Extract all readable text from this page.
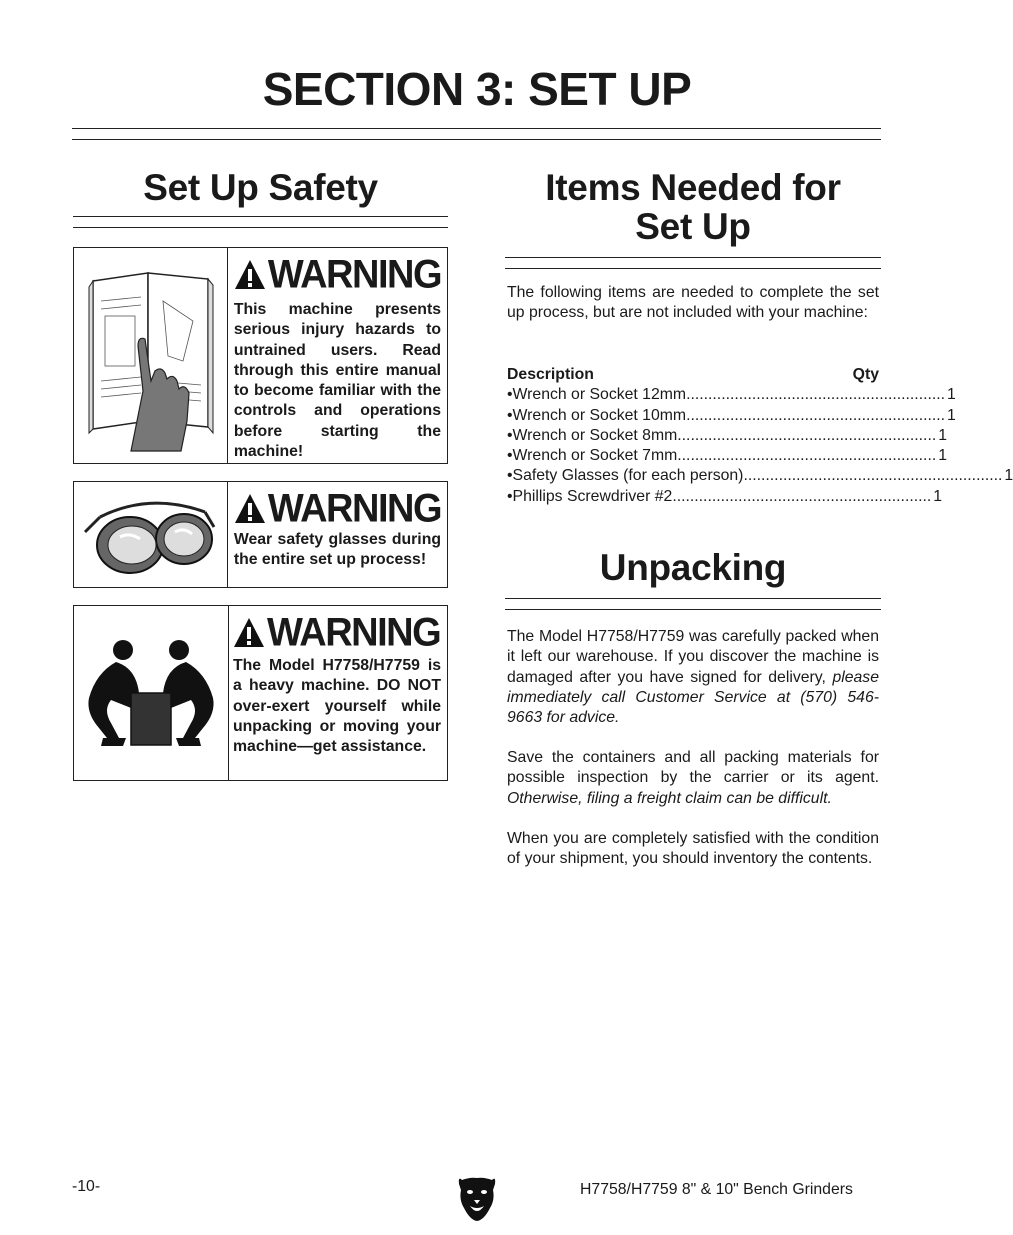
SECTION 3: SET UP
Set Up Safety
WARNING
This machine presents serious injury hazards to untrained users. Read through this entire manual to become familiar with the controls and operations before starting the machine!
WARNING
Wear safety glasses during the entire set up process!
WARNING
The Model H7758/H7759 is a heavy machine. DO NOT over-exert yourself while unpacking or moving your machine—get assistance.
Items Needed for
Set Up

The following items are needed to complete the set up process, but are not included with your machine:

Description	Qty
• Wrench or Socket 12mm ........................................................... 1
• Wrench or Socket 10mm ........................................................... 1
• Wrench or Socket 8mm ........................................................... 1
• Wrench or Socket 7mm ........................................................... 1
• Safety Glasses (for each person) ........................................................... 1
• Phillips Screwdriver #2 ........................................................... 1
Unpacking

The Model H7758/H7759 was carefully packed when it left our warehouse. If you discover the machine is damaged after you have signed for delivery, please immediately call Customer Service at (570) 546-9663 for advice.

Save the containers and all packing materials for possible inspection by the carrier or its agent. Otherwise, filing a freight claim can be difficult.

When you are completely satisfied with the condition of your shipment, you should inventory the contents.

-10-	H7758/H7759 8" & 10" Bench Grinders
